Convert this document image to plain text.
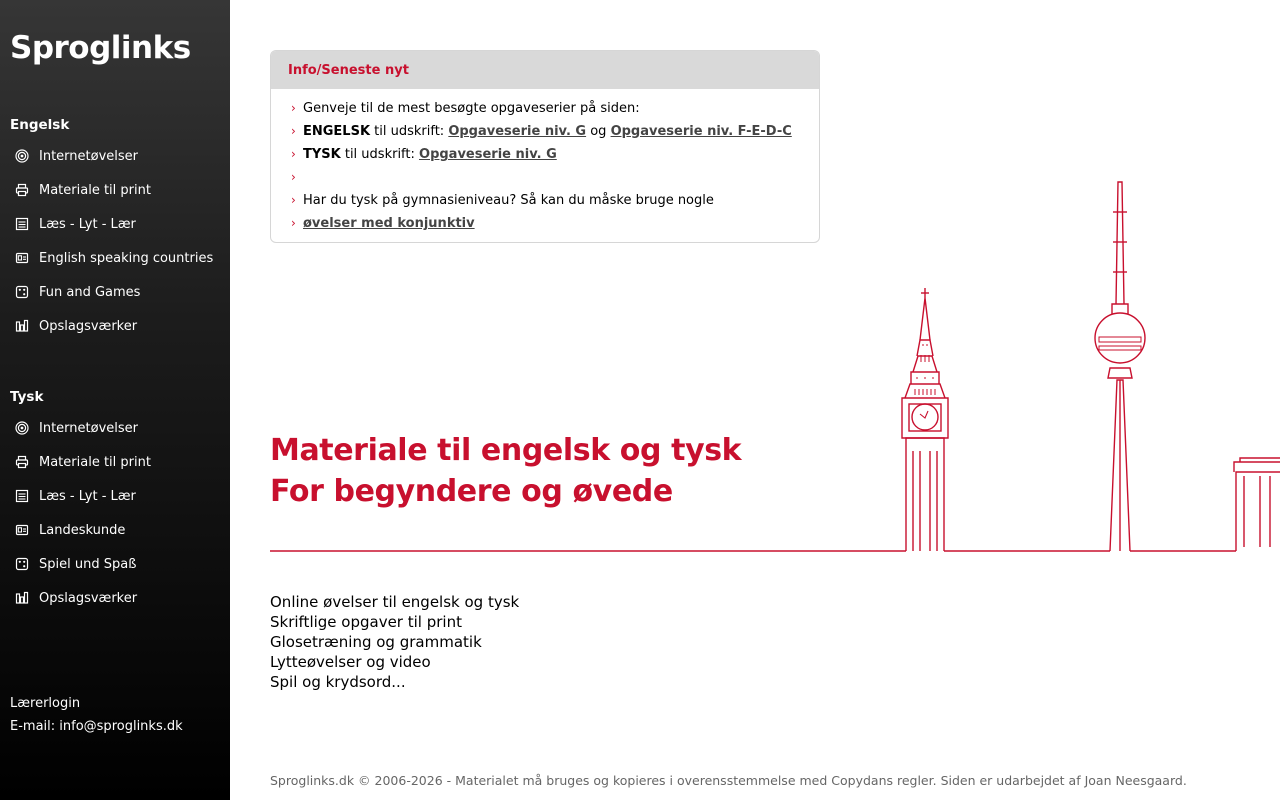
Sproglinks
Engelsk
Internetøvelser
Materiale til print
Læs - Lyt - Lær
English speaking countries
Fun and Games
Opslagsværker
Tysk
Internetøvelser
Materiale til print
Læs - Lyt - Lær
Landeskunde
Spiel und Spaß
Opslagsværker
Lærerlogin
E-mail: info@sproglinks.dk
Info/Seneste nyt
› Genveje til de mest besøgte opgaveserier på siden:
› ENGELSK til udskrift: Opgaveserie niv. G og Opgaveserie niv. F-E-D-C
› TYSK til udskrift: Opgaveserie niv. G
›
› Har du tysk på gymnasieniveau? Så kan du måske bruge nogle
› øvelser med konjunktiv
Materiale til engelsk og tysk
For begyndere og øvede
Online øvelser til engelsk og tysk
Skriftlige opgaver til print
Glosetræning og grammatik
Lytteøvelser og video
Spil og krydsord...
Sproglinks.dk © 2006-2026 - Materialet må bruges og kopieres i overensstemmelse med Copydans regler. Siden er udarbejdet af Joan Neesgaard.
